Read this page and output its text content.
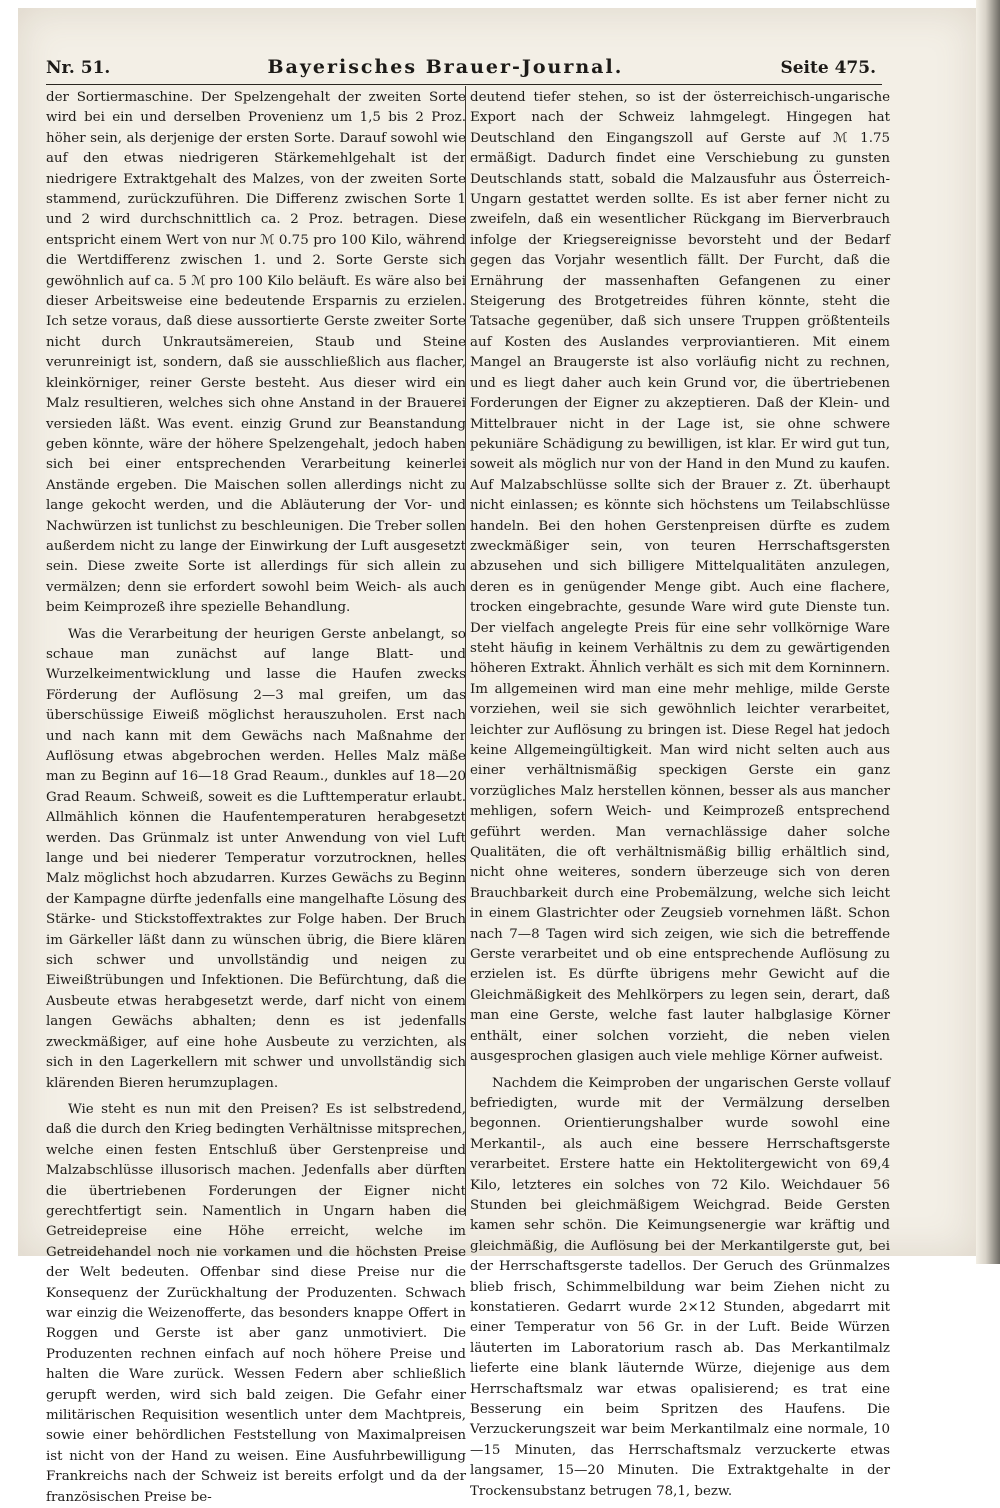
Nr. 51.	Bayerisches Brauer-Journal.	Seite 475.

der Sortiermaschine. Der Spelzengehalt der zweiten Sorte wird bei ein und derselben Provenienz um 1,5 bis 2 Proz. höher sein, als derjenige der ersten Sorte. Darauf sowohl wie auf den etwas niedrigeren Stärkemehlgehalt ist der niedrigere Extraktgehalt des Malzes, von der zweiten Sorte stammend, zurückzuführen. Die Differenz zwischen Sorte 1 und 2 wird durchschnittlich ca. 2 Proz. betragen. Diese entspricht einem Wert von nur ℳ 0.75 pro 100 Kilo, während die Wertdifferenz zwischen 1. und 2. Sorte Gerste sich gewöhnlich auf ca. 5 ℳ pro 100 Kilo beläuft. Es wäre also bei dieser Arbeitsweise eine bedeutende Ersparnis zu erzielen. Ich setze voraus, daß diese aussortierte Gerste zweiter Sorte nicht durch Unkrautsämereien, Staub und Steine verunreinigt ist, sondern, daß sie ausschließlich aus flacher, kleinkörniger, reiner Gerste besteht. Aus dieser wird ein Malz resultieren, welches sich ohne Anstand in der Brauerei versieden läßt. Was event. einzig Grund zur Beanstandung geben könnte, wäre der höhere Spelzengehalt, jedoch haben sich bei einer entsprechenden Verarbeitung keinerlei Anstände ergeben. Die Maischen sollen allerdings nicht zu lange gekocht werden, und die Abläuterung der Vor- und Nachwürzen ist tunlichst zu beschleunigen. Die Treber sollen außerdem nicht zu lange der Einwirkung der Luft ausgesetzt sein. Diese zweite Sorte ist allerdings für sich allein zu vermälzen; denn sie erfordert sowohl beim Weich- als auch beim Keimprozeß ihre spezielle Behandlung.

Was die Verarbeitung der heurigen Gerste anbelangt, so schaue man zunächst auf lange Blatt- und Wurzelkeimentwicklung und lasse die Haufen zwecks Förderung der Auflösung 2—3 mal greifen, um das überschüssige Eiweiß möglichst herauszuholen. Erst nach und nach kann mit dem Gewächs nach Maßnahme der Auflösung etwas abgebrochen werden. Helles Malz mäße man zu Beginn auf 16—18 Grad Reaum., dunkles auf 18—20 Grad Reaum. Schweiß, soweit es die Lufttemperatur erlaubt. Allmählich können die Haufentemperaturen herabgesetzt werden. Das Grünmalz ist unter Anwendung von viel Luft lange und bei niederer Temperatur vorzutrocknen, helles Malz möglichst hoch abzudarren. Kurzes Gewächs zu Beginn der Kampagne dürfte jedenfalls eine mangelhafte Lösung des Stärke- und Stickstoffextraktes zur Folge haben. Der Bruch im Gärkeller läßt dann zu wünschen übrig, die Biere klären sich schwer und unvollständig und neigen zu Eiweißtrübungen und Infektionen. Die Befürchtung, daß die Ausbeute etwas herabgesetzt werde, darf nicht von einem langen Gewächs abhalten; denn es ist jedenfalls zweckmäßiger, auf eine hohe Ausbeute zu verzichten, als sich in den Lagerkellern mit schwer und unvollständig sich klärenden Bieren herumzuplagen.

Wie steht es nun mit den Preisen? Es ist selbstredend, daß die durch den Krieg bedingten Verhältnisse mitsprechen, welche einen festen Entschluß über Gerstenpreise und Malzabschlüsse illusorisch machen. Jedenfalls aber dürften die übertriebenen Forderungen der Eigner nicht gerechtfertigt sein. Namentlich in Ungarn haben die Getreidepreise eine Höhe erreicht, welche im Getreidehandel noch nie vorkamen und die höchsten Preise der Welt bedeuten. Offenbar sind diese Preise nur die Konsequenz der Zurückhaltung der Produzenten. Schwach war einzig die Weizenofferte, das besonders knappe Offert in Roggen und Gerste ist aber ganz unmotiviert. Die Produzenten rechnen einfach auf noch höhere Preise und halten die Ware zurück. Wessen Federn aber schließlich gerupft werden, wird sich bald zeigen. Die Gefahr einer militärischen Requisition wesentlich unter dem Machtpreis, sowie einer behördlichen Feststellung von Maximalpreisen ist nicht von der Hand zu weisen. Eine Ausfuhrbewilligung Frankreichs nach der Schweiz ist bereits erfolgt und da der französischen Preise be-

deutend tiefer stehen, so ist der österreichisch-ungarische Export nach der Schweiz lahmgelegt. Hingegen hat Deutschland den Eingangszoll auf Gerste auf ℳ 1.75 ermäßigt. Dadurch findet eine Verschiebung zu gunsten Deutschlands statt, sobald die Malzausfuhr aus Österreich-Ungarn gestattet werden sollte. Es ist aber ferner nicht zu zweifeln, daß ein wesentlicher Rückgang im Bierverbrauch infolge der Kriegsereignisse bevorsteht und der Bedarf gegen das Vorjahr wesentlich fällt. Der Furcht, daß die Ernährung der massenhaften Gefangenen zu einer Steigerung des Brotgetreides führen könnte, steht die Tatsache gegenüber, daß sich unsere Truppen größtenteils auf Kosten des Auslandes verproviantieren. Mit einem Mangel an Braugerste ist also vorläufig nicht zu rechnen, und es liegt daher auch kein Grund vor, die übertriebenen Forderungen der Eigner zu akzeptieren. Daß der Klein- und Mittelbrauer nicht in der Lage ist, sie ohne schwere pekuniäre Schädigung zu bewilligen, ist klar. Er wird gut tun, soweit als möglich nur von der Hand in den Mund zu kaufen. Auf Malzabschlüsse sollte sich der Brauer z. Zt. überhaupt nicht einlassen; es könnte sich höchstens um Teilabschlüsse handeln. Bei den hohen Gerstenpreisen dürfte es zudem zweckmäßiger sein, von teuren Herrschaftsgersten abzusehen und sich billigere Mittelqualitäten anzulegen, deren es in genügender Menge gibt. Auch eine flachere, trocken eingebrachte, gesunde Ware wird gute Dienste tun. Der vielfach angelegte Preis für eine sehr vollkörnige Ware steht häufig in keinem Verhältnis zu dem zu gewärtigenden höheren Extrakt. Ähnlich verhält es sich mit dem Korninnern. Im allgemeinen wird man eine mehr mehlige, milde Gerste vorziehen, weil sie sich gewöhnlich leichter verarbeitet, leichter zur Auflösung zu bringen ist. Diese Regel hat jedoch keine Allgemeingültigkeit. Man wird nicht selten auch aus einer verhältnismäßig speckigen Gerste ein ganz vorzügliches Malz herstellen können, besser als aus mancher mehligen, sofern Weich- und Keimprozeß entsprechend geführt werden. Man vernachlässige daher solche Qualitäten, die oft verhältnismäßig billig erhältlich sind, nicht ohne weiteres, sondern überzeuge sich von deren Brauchbarkeit durch eine Probemälzung, welche sich leicht in einem Glastrichter oder Zeugsieb vornehmen läßt. Schon nach 7—8 Tagen wird sich zeigen, wie sich die betreffende Gerste verarbeitet und ob eine entsprechende Auflösung zu erzielen ist. Es dürfte übrigens mehr Gewicht auf die Gleichmäßigkeit des Mehlkörpers zu legen sein, derart, daß man eine Gerste, welche fast lauter halbglasige Körner enthält, einer solchen vorzieht, die neben vielen ausgesprochen glasigen auch viele mehlige Körner aufweist.

Nachdem die Keimproben der ungarischen Gerste vollauf befriedigten, wurde mit der Vermälzung derselben begonnen. Orientierungshalber wurde sowohl eine Merkantil-, als auch eine bessere Herrschaftsgerste verarbeitet. Erstere hatte ein Hektolitergewicht von 69,4 Kilo, letzteres ein solches von 72 Kilo. Weichdauer 56 Stunden bei gleichmäßigem Weichgrad. Beide Gersten kamen sehr schön. Die Keimungsenergie war kräftig und gleichmäßig, die Auflösung bei der Merkantilgerste gut, bei der Herrschaftsgerste tadellos. Der Geruch des Grünmalzes blieb frisch, Schimmelbildung war beim Ziehen nicht zu konstatieren. Gedarrt wurde 2×12 Stunden, abgedarrt mit einer Temperatur von 56 Gr. in der Luft. Beide Würzen läuterten im Laboratorium rasch ab. Das Merkantilmalz lieferte eine blank läuternde Würze, diejenige aus dem Herrschaftsmalz war etwas opalisierend; es trat eine Besserung ein beim Spritzen des Haufens. Die Verzuckerungszeit war beim Merkantilmalz eine normale, 10—15 Minuten, das Herrschaftsmalz verzuckerte etwas langsamer, 15—20 Minuten. Die Extraktgehalte in der Trockensubstanz betrugen 78,1, bezw.
